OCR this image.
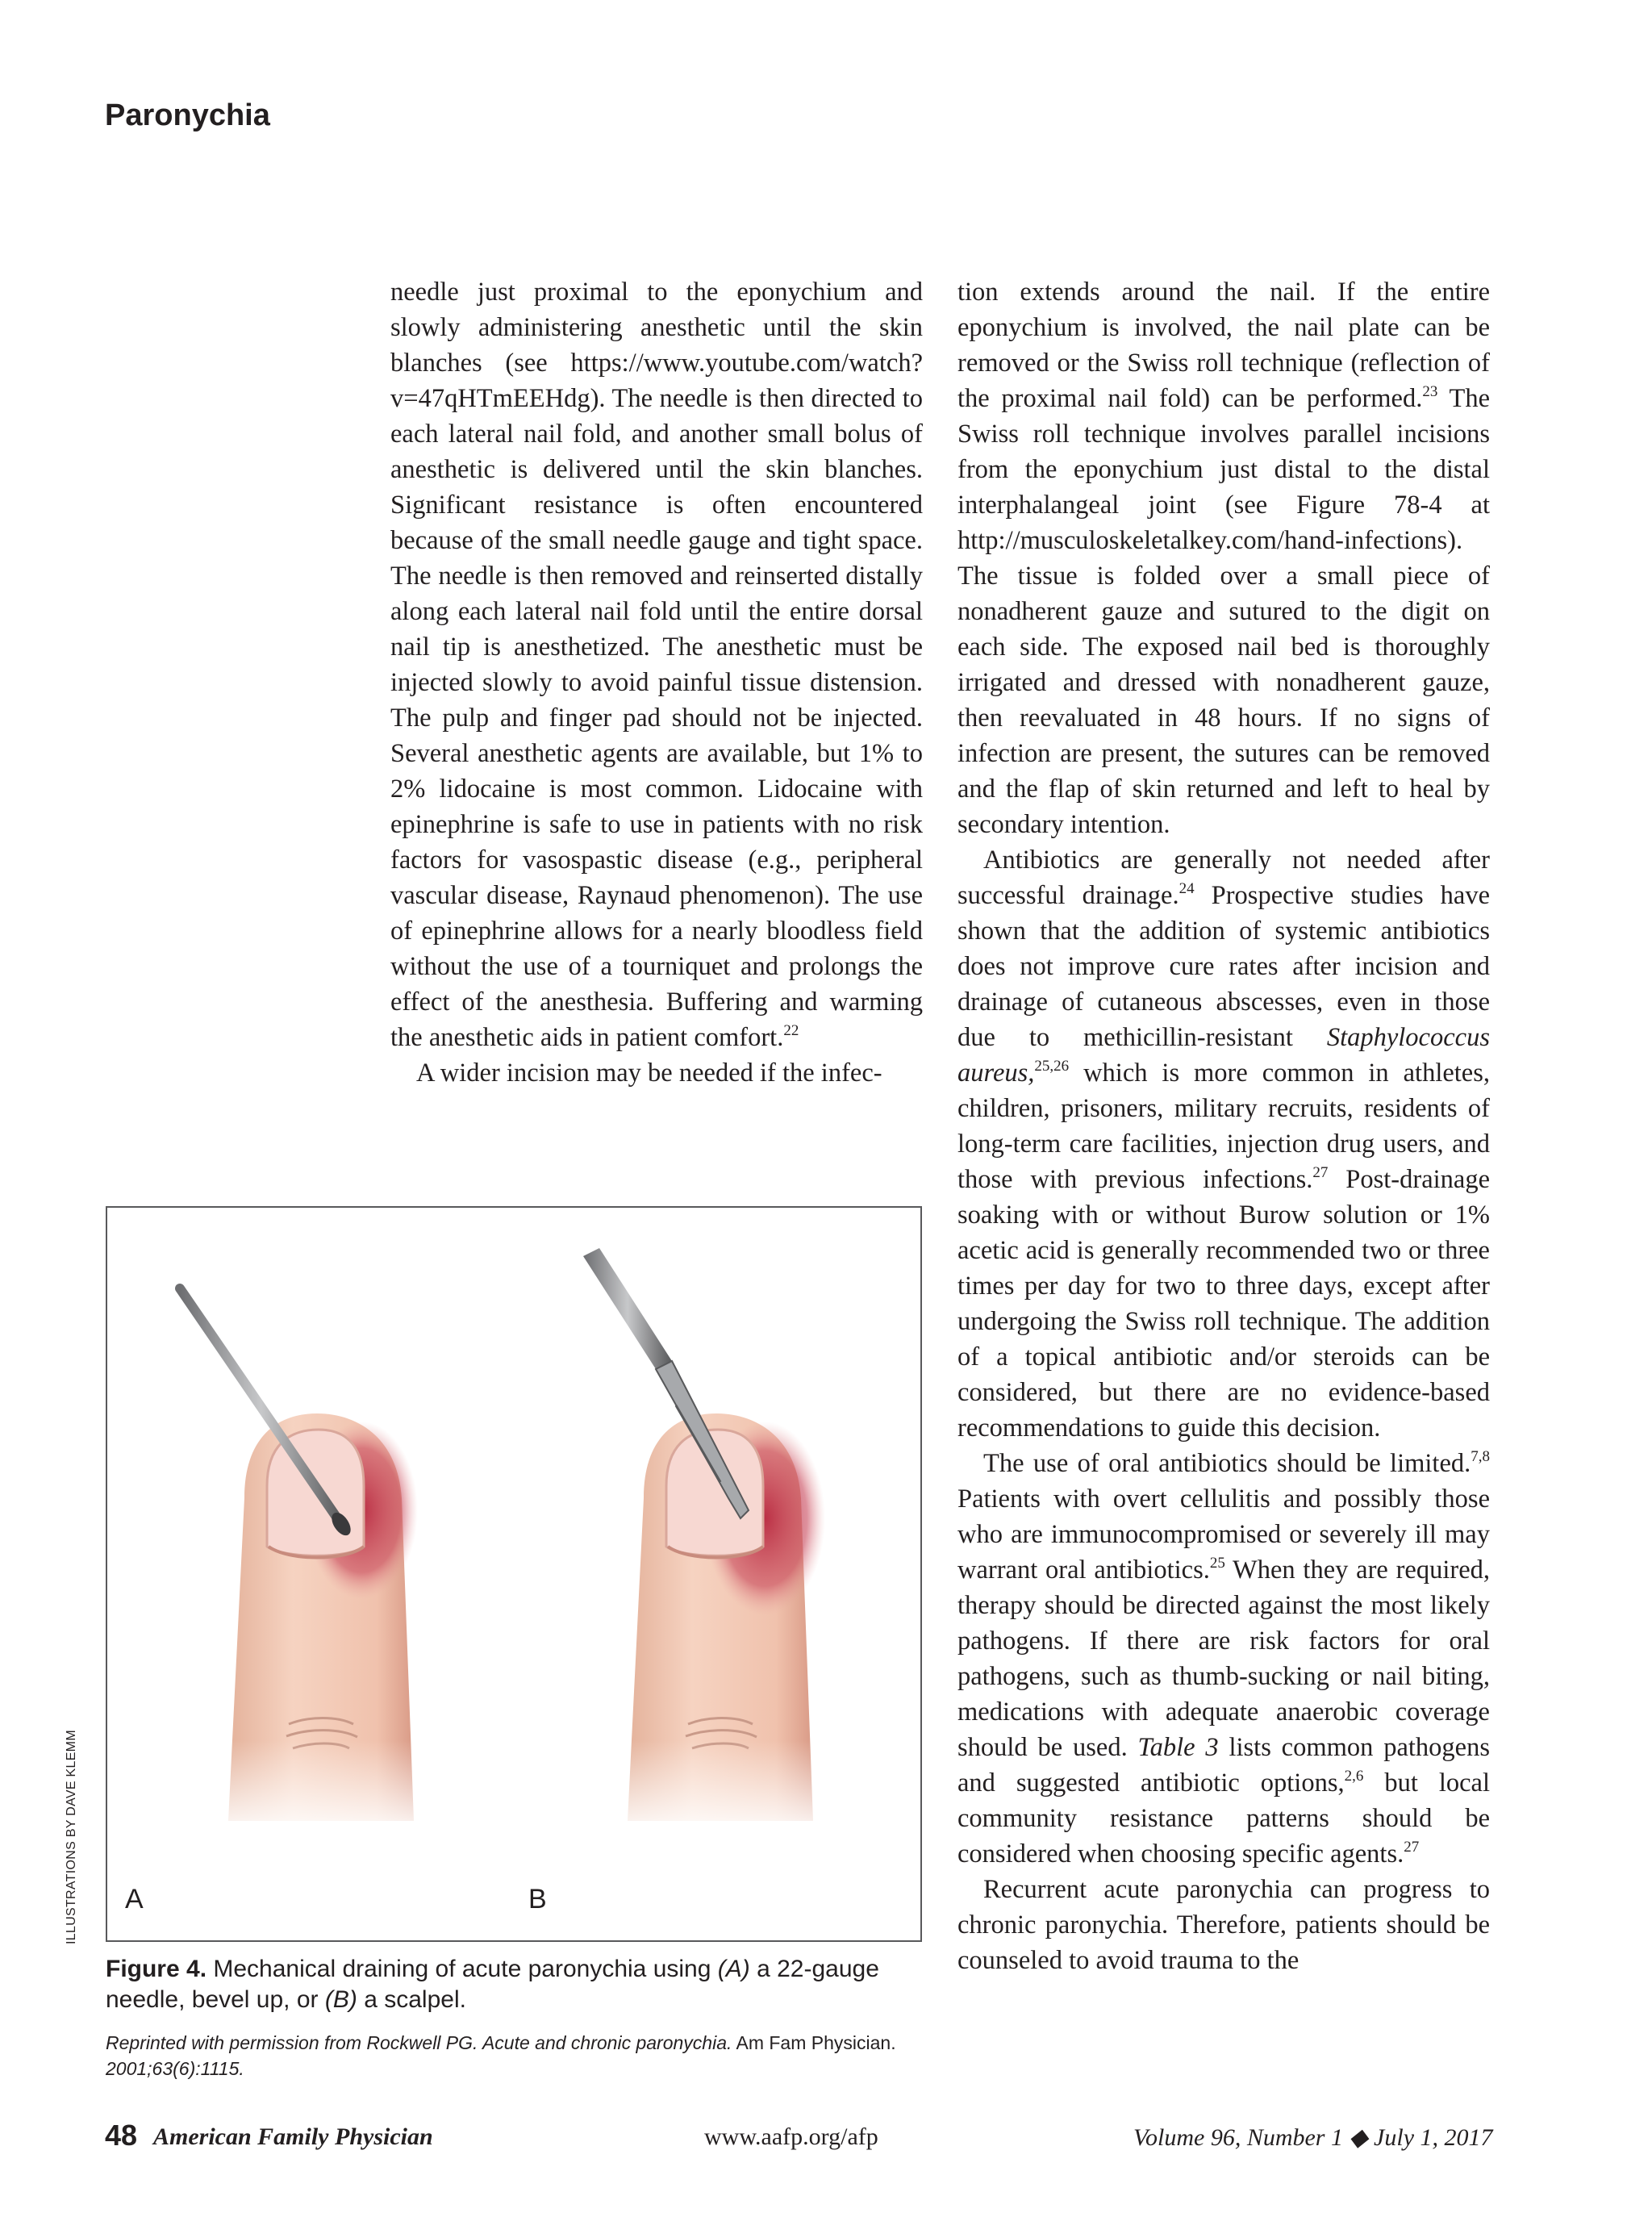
Paronychia

needle just proximal to the eponychium and slowly administering anesthetic until the skin blanches (see https://www.youtube.com/watch?v=47qHTmEEHdg). The needle is then directed to each lateral nail fold, and another small bolus of anesthetic is delivered until the skin blanches. Significant resistance is often encountered because of the small needle gauge and tight space. The needle is then removed and reinserted distally along each lateral nail fold until the entire dorsal nail tip is anesthetized. The anesthetic must be injected slowly to avoid painful tissue distension. The pulp and finger pad should not be injected. Several anesthetic agents are available, but 1% to 2% lidocaine is most common. Lidocaine with epinephrine is safe to use in patients with no risk factors for vasospastic disease (e.g., peripheral vascular disease, Raynaud phenomenon). The use of epinephrine allows for a nearly bloodless field without the use of a tourniquet and prolongs the effect of the anesthesia. Buffering and warming the anesthetic aids in patient comfort.$^{22}$

A wider incision may be needed if the infec-

tion extends around the nail. If the entire eponychium is involved, the nail plate can be removed or the Swiss roll technique (reflection of the proximal nail fold) can be performed.$^{23}$ The Swiss roll technique involves parallel incisions from the eponychium just distal to the distal interphalangeal joint (see Figure 78-4 at http://musculoskeletalkey.com/hand-infections). The tissue is folded over a small piece of nonadherent gauze and sutured to the digit on each side. The exposed nail bed is thoroughly irrigated and dressed with nonadherent gauze, then reevaluated in 48 hours. If no signs of infection are present, the sutures can be removed and the flap of skin returned and left to heal by secondary intention.

Antibiotics are generally not needed after successful drainage.$^{24}$ Prospective studies have shown that the addition of systemic antibiotics does not improve cure rates after incision and drainage of cutaneous abscesses, even in those due to methicillin-resistant Staphylococcus aureus,$^{25,26}$ which is more common in athletes, children, prisoners, military recruits, residents of long-term care facilities, injection drug users, and those with previous infections.$^{27}$ Post-drainage soaking with or without Burow solution or 1% acetic acid is generally recommended two or three times per day for two to three days, except after undergoing the Swiss roll technique. The addition of a topical antibiotic and/or steroids can be considered, but there are no evidence-based recommendations to guide this decision.

The use of oral antibiotics should be limited.$^{7,8}$ Patients with overt cellulitis and possibly those who are immunocompromised or severely ill may warrant oral antibiotics.$^{25}$ When they are required, therapy should be directed against the most likely pathogens. If there are risk factors for oral pathogens, such as thumb-sucking or nail biting, medications with adequate anaerobic coverage should be used. Table 3 lists common pathogens and suggested antibiotic options,$^{2,6}$ but local community resistance patterns should be considered when choosing specific agents.$^{27}$

Recurrent acute paronychia can progress to chronic paronychia. Therefore, patients should be counseled to avoid trauma to the

A	B
ILLUSTRATIONS BY DAVE KLEMM
Figure 4. Mechanical draining of acute paronychia using (A) a 22-gauge needle, bevel up, or (B) a scalpel.
Reprinted with permission from Rockwell PG. Acute and chronic paronychia. Am Fam Physician. 2001;63(6):1115.
48 American Family Physician	www.aafp.org/afp	Volume 96, Number 1 ◆ July 1, 2017
